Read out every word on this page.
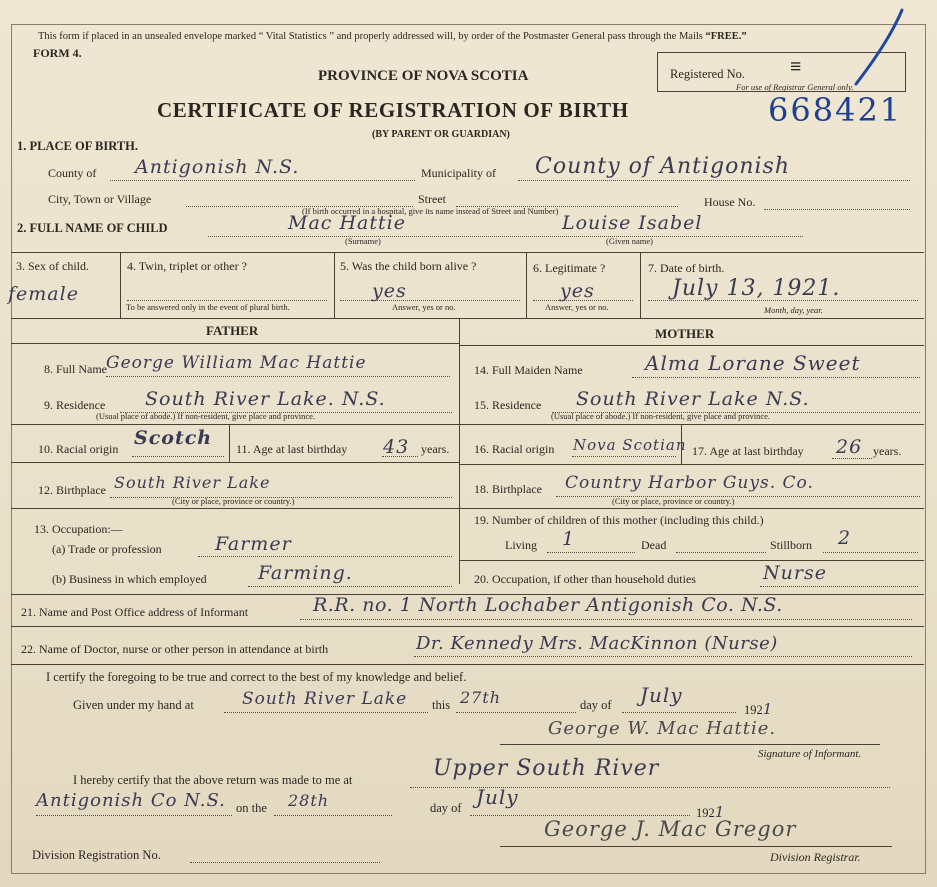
This form if placed in an unsealed envelope marked “ Vital Statistics ” and properly addressed will, by order of the Postmaster General pass through the Mails “FREE.”
FORM 4.
PROVINCE OF NOVA SCOTIA
CERTIFICATE OF REGISTRATION OF BIRTH
(BY PARENT OR GUARDIAN)
Registered No.
For use of Registrar General only.
≡
668421
1. PLACE OF BIRTH.
County of Antigonish N.S.	Municipality of County of Antigonish
City, Town or Village	Street
(If birth occurred in a hospital, give its name instead of Street and Number)
House No.
2. FULL NAME OF CHILD	Mac Hattie
(Surname)
Louise Isabel
(Given name)
3. Sex of child.
female
4. Twin, triplet or other ?
To be answered only in the event of plural birth.
5. Was the child born alive ?
yes
Answer, yes or no.
6. Legitimate ?
yes
Answer, yes or no.
7. Date of birth.
July 13, 1921.
Month, day, year.
FATHER	MOTHER
8. Full Name George William Mac Hattie
9. Residence South River Lake. N.S.
(Usual place of abode.) If non-resident, give place and province.
10. Racial origin Scotch 11. Age at last birthday 43 years.
12. Birthplace South River Lake
(City or place, province or country.)
13. Occupation:—
(a) Trade or profession	Farmer
(b) Business in which employed	Farming.
14. Full Maiden Name	Alma Lorane Sweet
15. Residence South River Lake N.S.
(Usual place of abode.) If non-resident, give place and province.
16. Racial origin Nova Scotian 17. Age at last birthday 26 years.
18. Birthplace Country Harbor Guys. Co.
(City or place, province or country.)
19. Number of children of this mother (including this child.)
Living 1	Dead	Stillborn 2
20. Occupation, if other than household duties	Nurse
21. Name and Post Office address of Informant	R.R. no. 1 North Lochaber Antigonish Co. N.S.
22. Name of Doctor, nurse or other person in attendance at birth	Dr. Kennedy Mrs. MacKinnon (Nurse)
I certify the foregoing to be true and correct to the best of my knowledge and belief.
Given under my hand at	South River Lake this 27th	day of July
1921
George W. Mac Hattie.
Signature of Informant.
I hereby certify that the above return was made to me at	Upper South River
Antigonish Co N.S. on the 28th	day of July
1921
George J. Mac Gregor
Division Registration No.	Division Registrar.
